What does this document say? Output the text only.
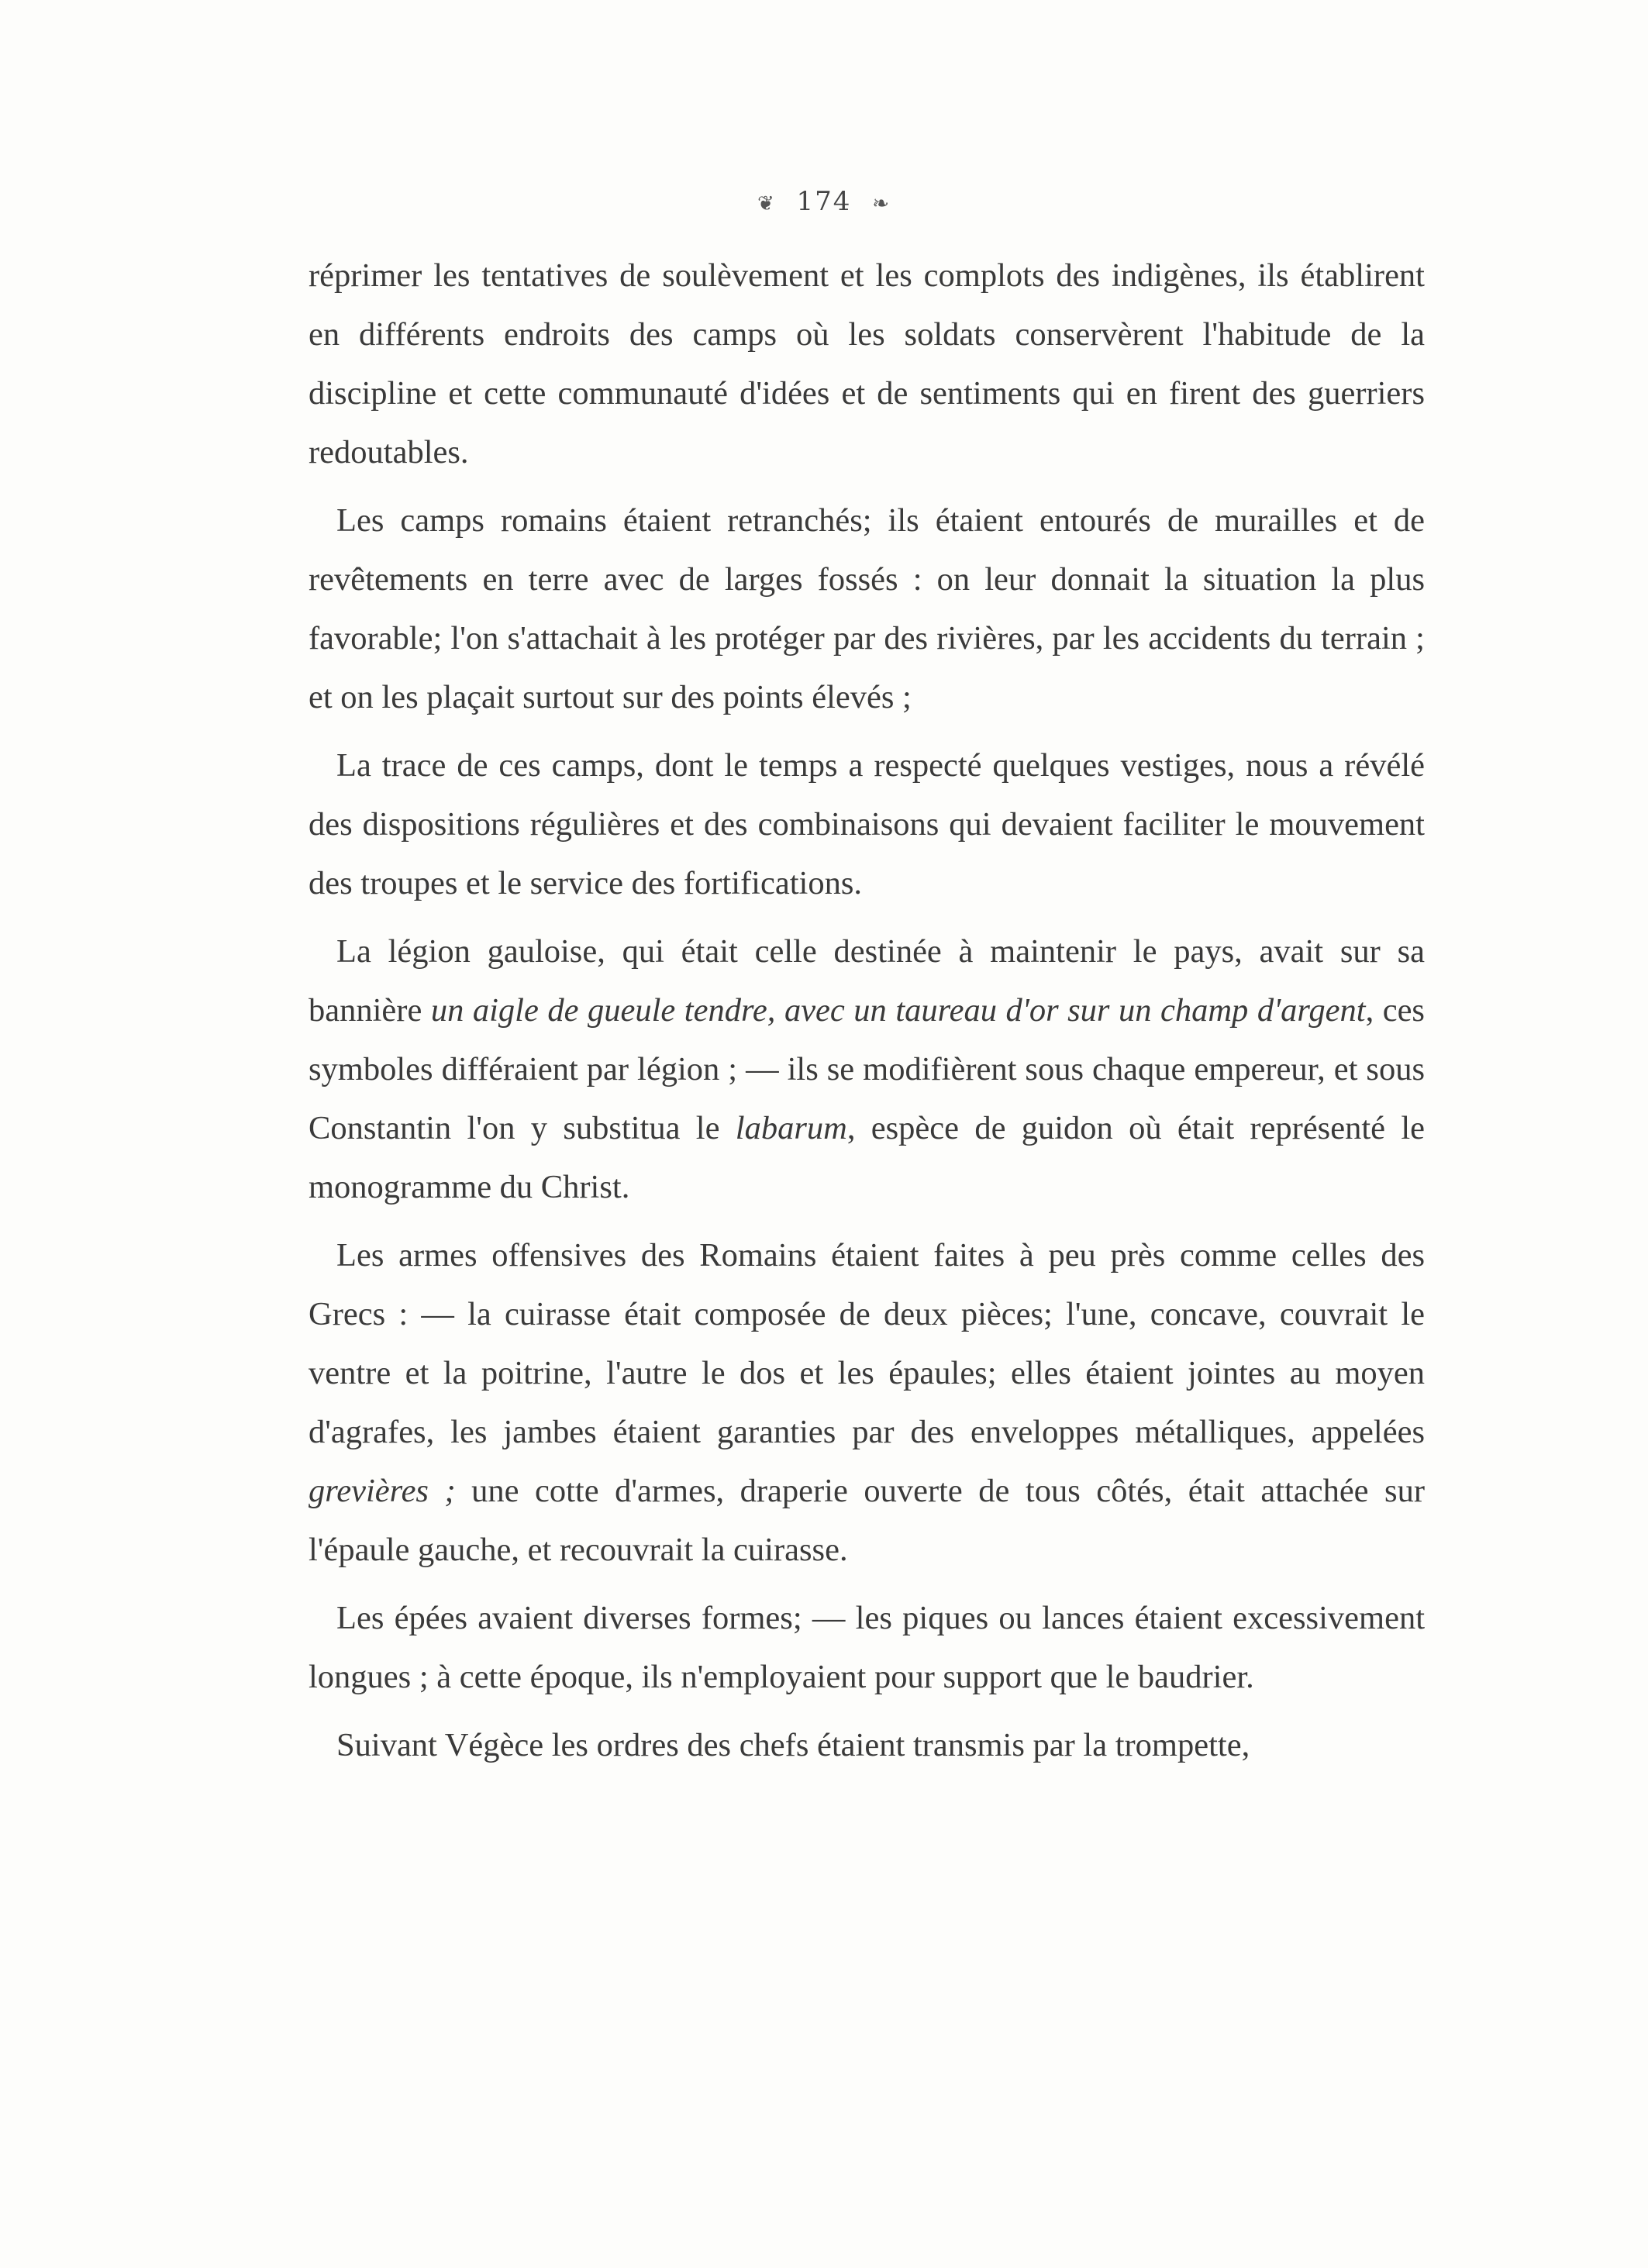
❦ 174 ❧

réprimer les tentatives de soulèvement et les complots des indigènes, ils établirent en différents endroits des camps où les soldats conservèrent l'habitude de la discipline et cette communauté d'idées et de sentiments qui en firent des guerriers redoutables.

Les camps romains étaient retranchés; ils étaient entourés de murailles et de revêtements en terre avec de larges fossés : on leur donnait la situation la plus favorable; l'on s'attachait à les protéger par des rivières, par les accidents du terrain ; et on les plaçait surtout sur des points élevés ;

La trace de ces camps, dont le temps a respecté quelques vestiges, nous a révélé des dispositions régulières et des combinaisons qui devaient faciliter le mouvement des troupes et le service des fortifications.

La légion gauloise, qui était celle destinée à maintenir le pays, avait sur sa bannière un aigle de gueule tendre, avec un taureau d'or sur un champ d'argent, ces symboles différaient par légion ; — ils se modifièrent sous chaque empereur, et sous Constantin l'on y substitua le labarum, espèce de guidon où était représenté le monogramme du Christ.

Les armes offensives des Romains étaient faites à peu près comme celles des Grecs : — la cuirasse était composée de deux pièces; l'une, concave, couvrait le ventre et la poitrine, l'autre le dos et les épaules; elles étaient jointes au moyen d'agrafes, les jambes étaient garanties par des enveloppes métalliques, appelées grevières ; une cotte d'armes, draperie ouverte de tous côtés, était attachée sur l'épaule gauche, et recouvrait la cuirasse.

Les épées avaient diverses formes; — les piques ou lances étaient excessivement longues ; à cette époque, ils n'employaient pour support que le baudrier.

Suivant Végèce les ordres des chefs étaient transmis par la trompette,
